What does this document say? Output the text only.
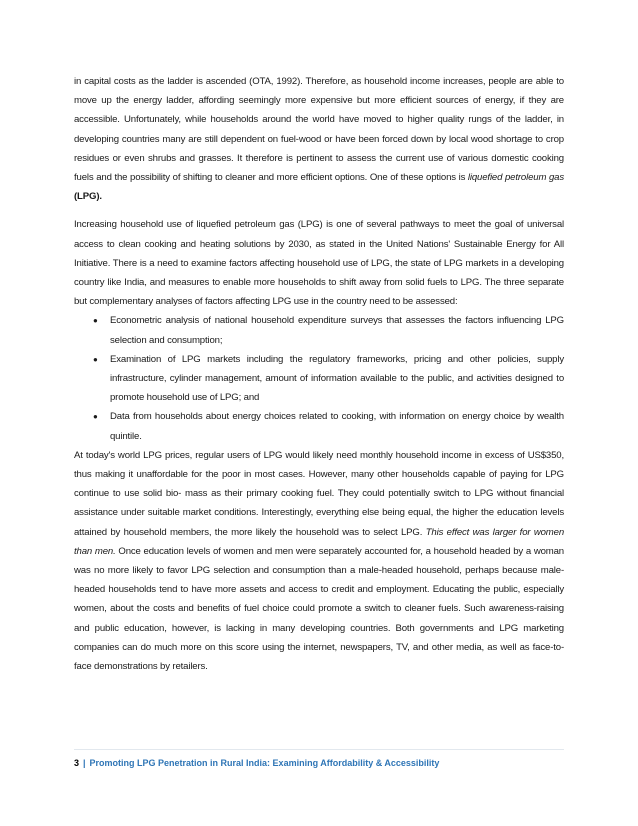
in capital costs as the ladder is ascended (OTA, 1992). Therefore, as household income increases, people are able to move up the energy ladder, affording seemingly more expensive but more efficient sources of energy, if they are accessible. Unfortunately, while households around the world have moved to higher quality rungs of the ladder, in developing countries many are still dependent on fuel-wood or have been forced down by local wood shortage to crop residues or even shrubs and grasses. It therefore is pertinent to assess the current use of various domestic cooking fuels and the possibility of shifting to cleaner and more efficient options. One of these options is liquefied petroleum gas (LPG).

Increasing household use of liquefied petroleum gas (LPG) is one of several pathways to meet the goal of universal access to clean cooking and heating solutions by 2030, as stated in the United Nations' Sustainable Energy for All Initiative. There is a need to examine factors affecting household use of LPG, the state of LPG markets in a developing country like India, and measures to enable more households to shift away from solid fuels to LPG. The three separate but complementary analyses of factors affecting LPG use in the country need to be assessed:

● Econometric analysis of national household expenditure surveys that assesses the factors influencing LPG selection and consumption;
● Examination of LPG markets including the regulatory frameworks, pricing and other policies, supply infrastructure, cylinder management, amount of information available to the public, and activities designed to promote household use of LPG; and
● Data from households about energy choices related to cooking, with information on energy choice by wealth quintile.

At today's world LPG prices, regular users of LPG would likely need monthly household income in excess of US$350, thus making it unaffordable for the poor in most cases. However, many other households capable of paying for LPG continue to use solid bio- mass as their primary cooking fuel. They could potentially switch to LPG without financial assistance under suitable market conditions. Interestingly, everything else being equal, the higher the education levels attained by household members, the more likely the household was to select LPG. This effect was larger for women than men. Once education levels of women and men were separately accounted for, a household headed by a woman was no more likely to favor LPG selection and consumption than a male-headed household, perhaps because male- headed households tend to have more assets and access to credit and employment. Educating the public, especially women, about the costs and benefits of fuel choice could promote a switch to cleaner fuels. Such awareness-raising and public education, however, is lacking in many developing countries. Both governments and LPG marketing companies can do much more on this score using the internet, newspapers, TV, and other media, as well as face-to-face demonstrations by retailers.

3 | Promoting LPG Penetration in Rural India: Examining Affordability & Accessibility
